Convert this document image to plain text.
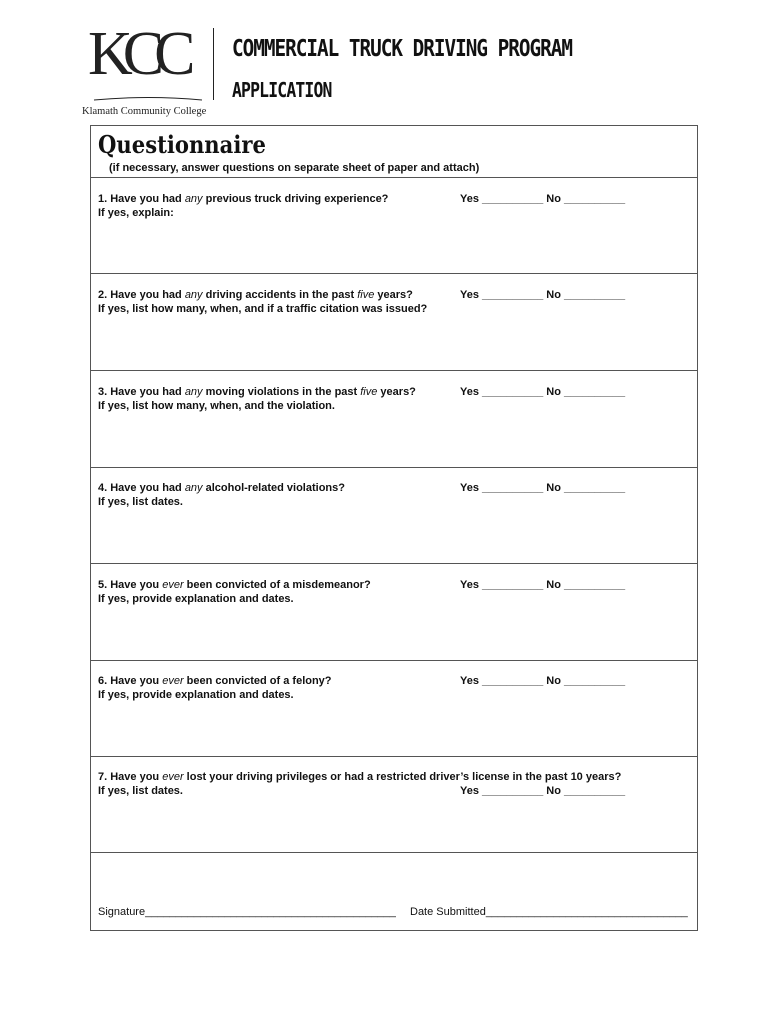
KCC
Klamath Community College
COMMERCIAL TRUCK DRIVING PROGRAM
APPLICATION
Questionnaire
(if necessary, answer questions on separate sheet of paper and attach)
1. Have you had any previous truck driving experience?
If yes, explain:
Yes __________ No __________
2. Have you had any driving accidents in the past five years?
If yes, list how many, when, and if a traffic citation was issued?
Yes __________ No __________
3. Have you had any moving violations in the past five years?
If yes, list how many, when, and the violation.
Yes __________ No __________
4. Have you had any alcohol-related violations?
If yes, list dates.
Yes __________ No __________
5. Have you ever been convicted of a misdemeanor?
If yes, provide explanation and dates.
Yes __________ No __________
6. Have you ever been convicted of a felony?
If yes, provide explanation and dates.
Yes __________ No __________
7. Have you ever lost your driving privileges or had a restricted driver’s license in the past 10 years?
If yes, list dates.	Yes __________ No __________
Signature_________________________________________ Date Submitted_________________________________
